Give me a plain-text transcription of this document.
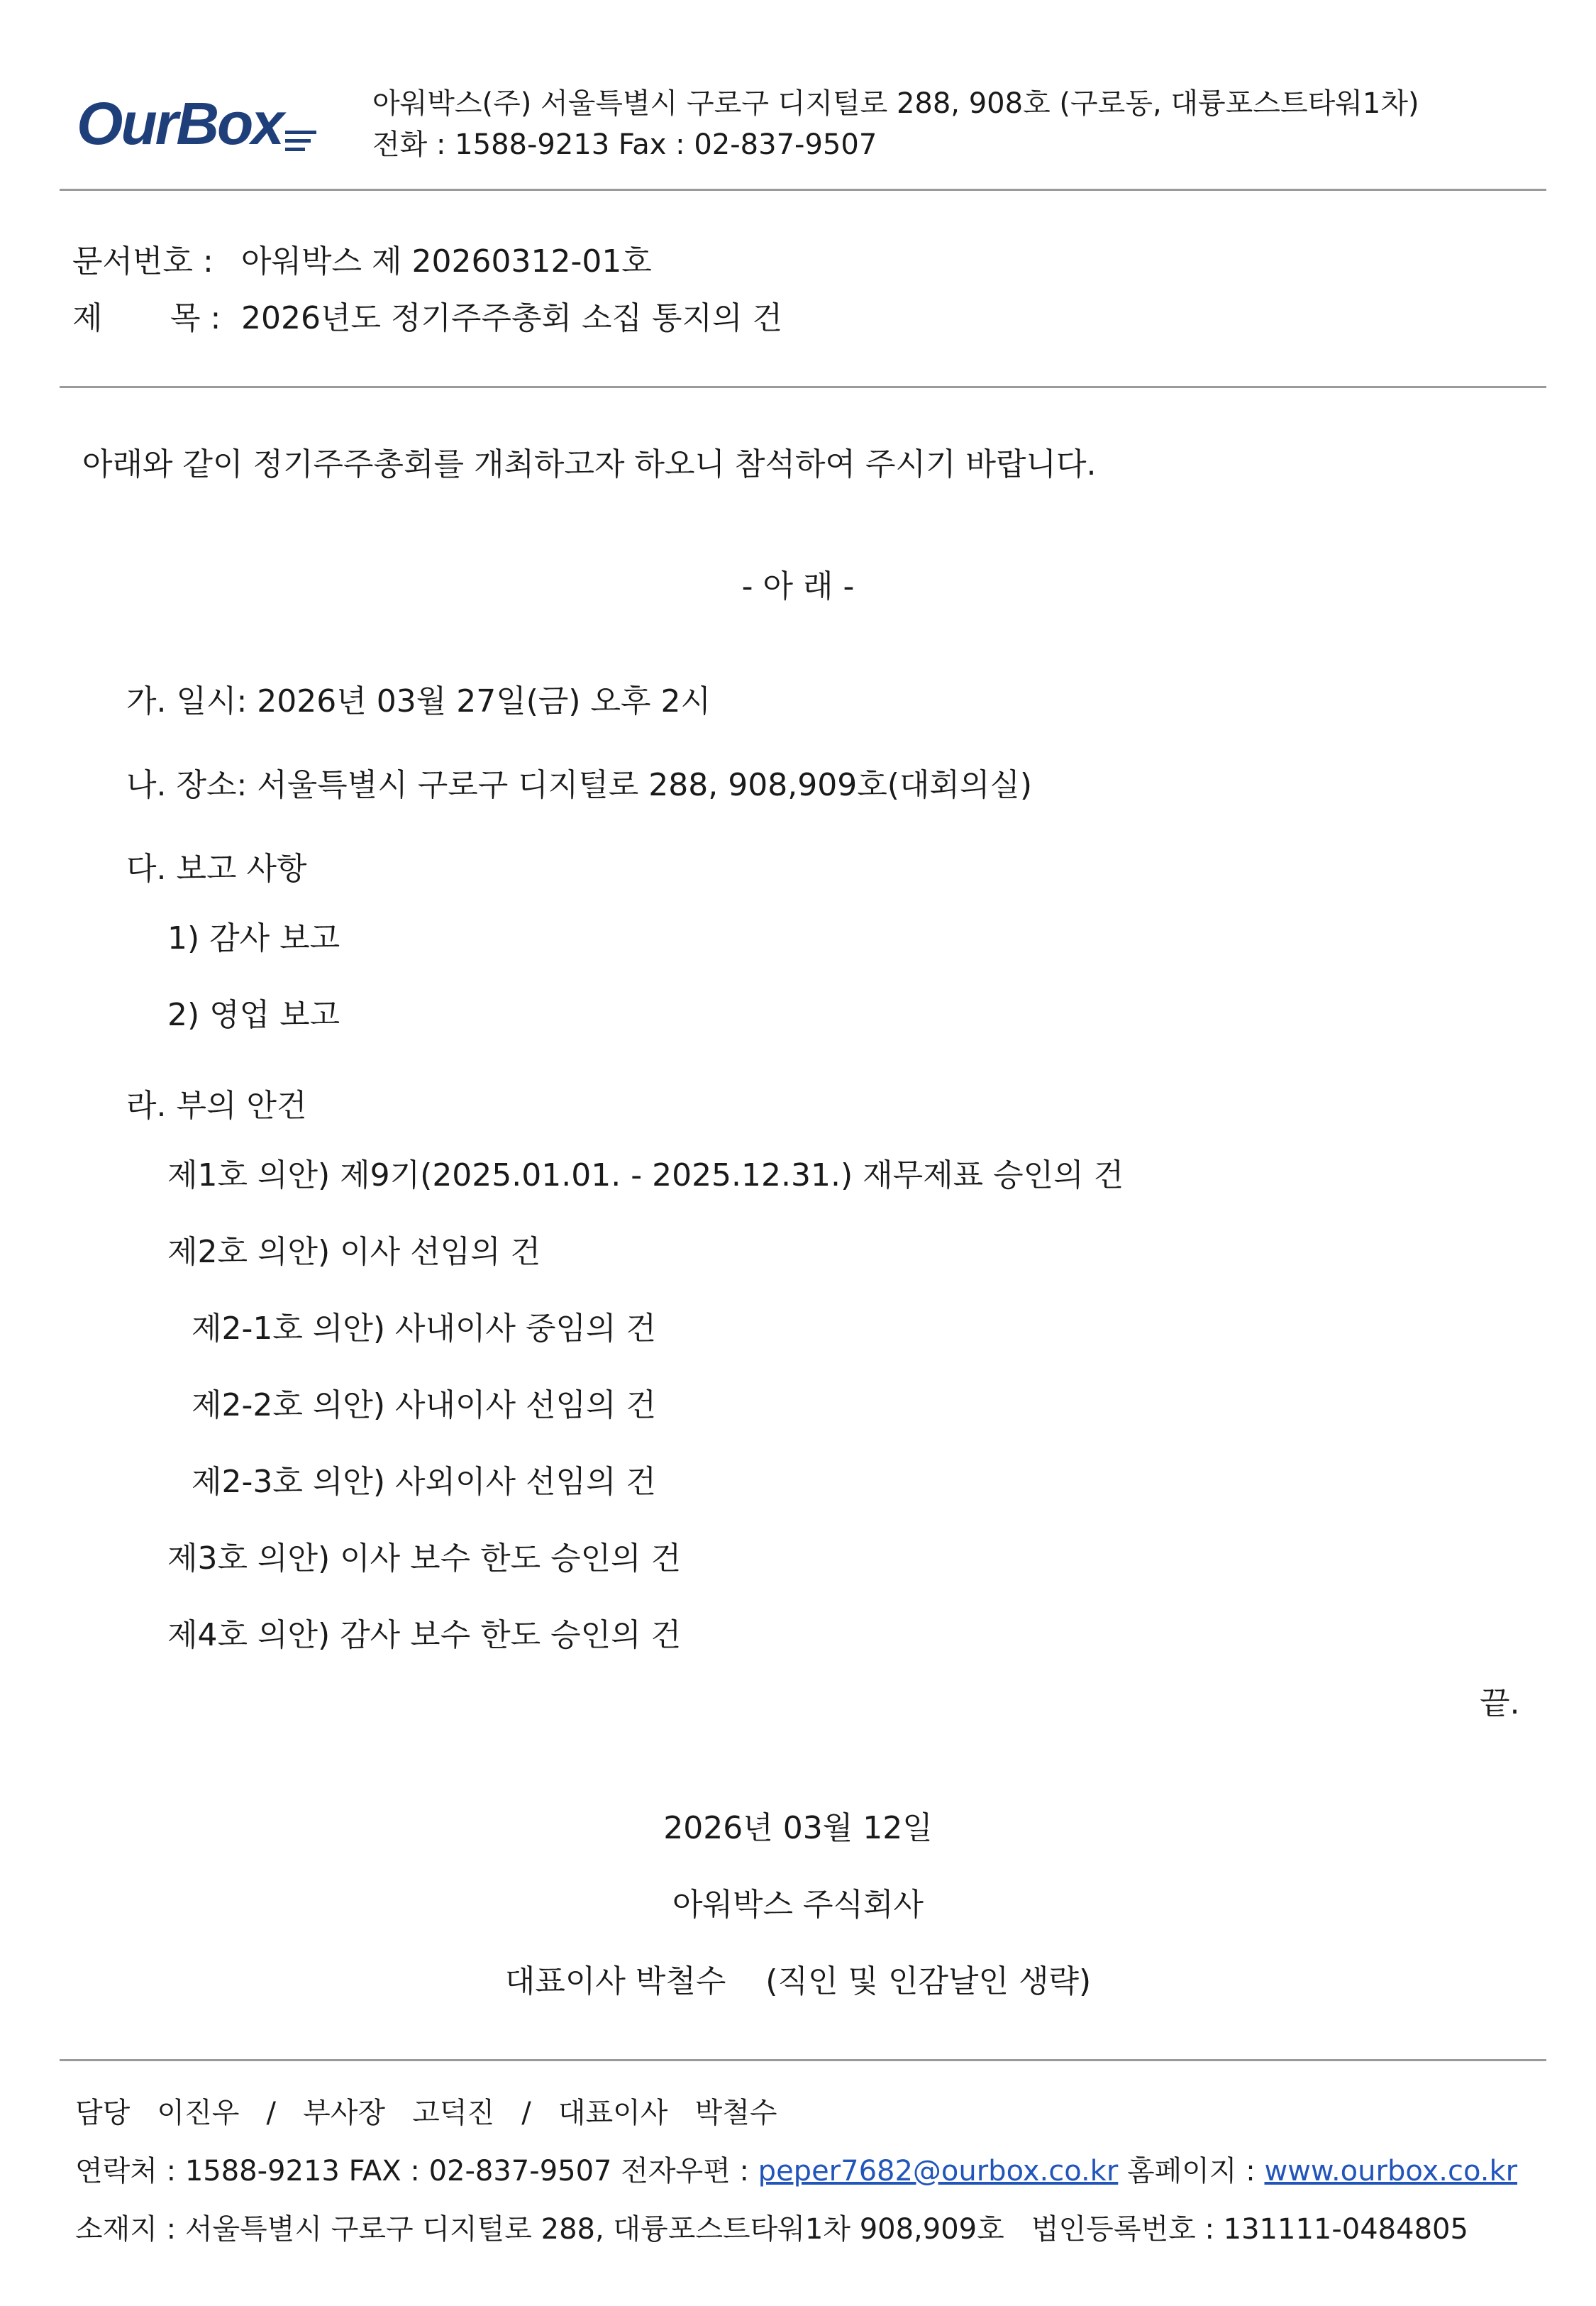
OurBox	아워박스(주) 서울특별시 구로구 디지털로 288, 908호 (구로동, 대륭포스트타워1차)
전화 : 1588-9213 Fax : 02-837-9507
문서번호 : 아워박스 제 20260312-01호
제 목 : 2026년도 정기주주총회 소집 통지의 건
아래와 같이 정기주주총회를 개최하고자 하오니 참석하여 주시기 바랍니다.
- 아 래 -
가. 일시: 2026년 03월 27일(금) 오후 2시
나. 장소: 서울특별시 구로구 디지털로 288, 908,909호(대회의실)
다. 보고 사항
1) 감사 보고
2) 영업 보고
라. 부의 안건
제1호 의안) 제9기(2025.01.01. - 2025.12.31.) 재무제표 승인의 건
제2호 의안) 이사 선임의 건
제2-1호 의안) 사내이사 중임의 건
제2-2호 의안) 사내이사 선임의 건
제2-3호 의안) 사외이사 선임의 건
제3호 의안) 이사 보수 한도 승인의 건
제4호 의안) 감사 보수 한도 승인의 건
끝.
2026년 03월 12일
아워박스 주식회사
대표이사 박철수    (직인 및 인감날인 생략)
담당   이진우   /   부사장   고덕진   /   대표이사   박철수
연락처 : 1588-9213 FAX : 02-837-9507 전자우편 : peper7682@ourbox.co.kr 홈페이지 : www.ourbox.co.kr
소재지 : 서울특별시 구로구 디지털로 288, 대륭포스트타워1차 908,909호   법인등록번호 : 131111-0484805
